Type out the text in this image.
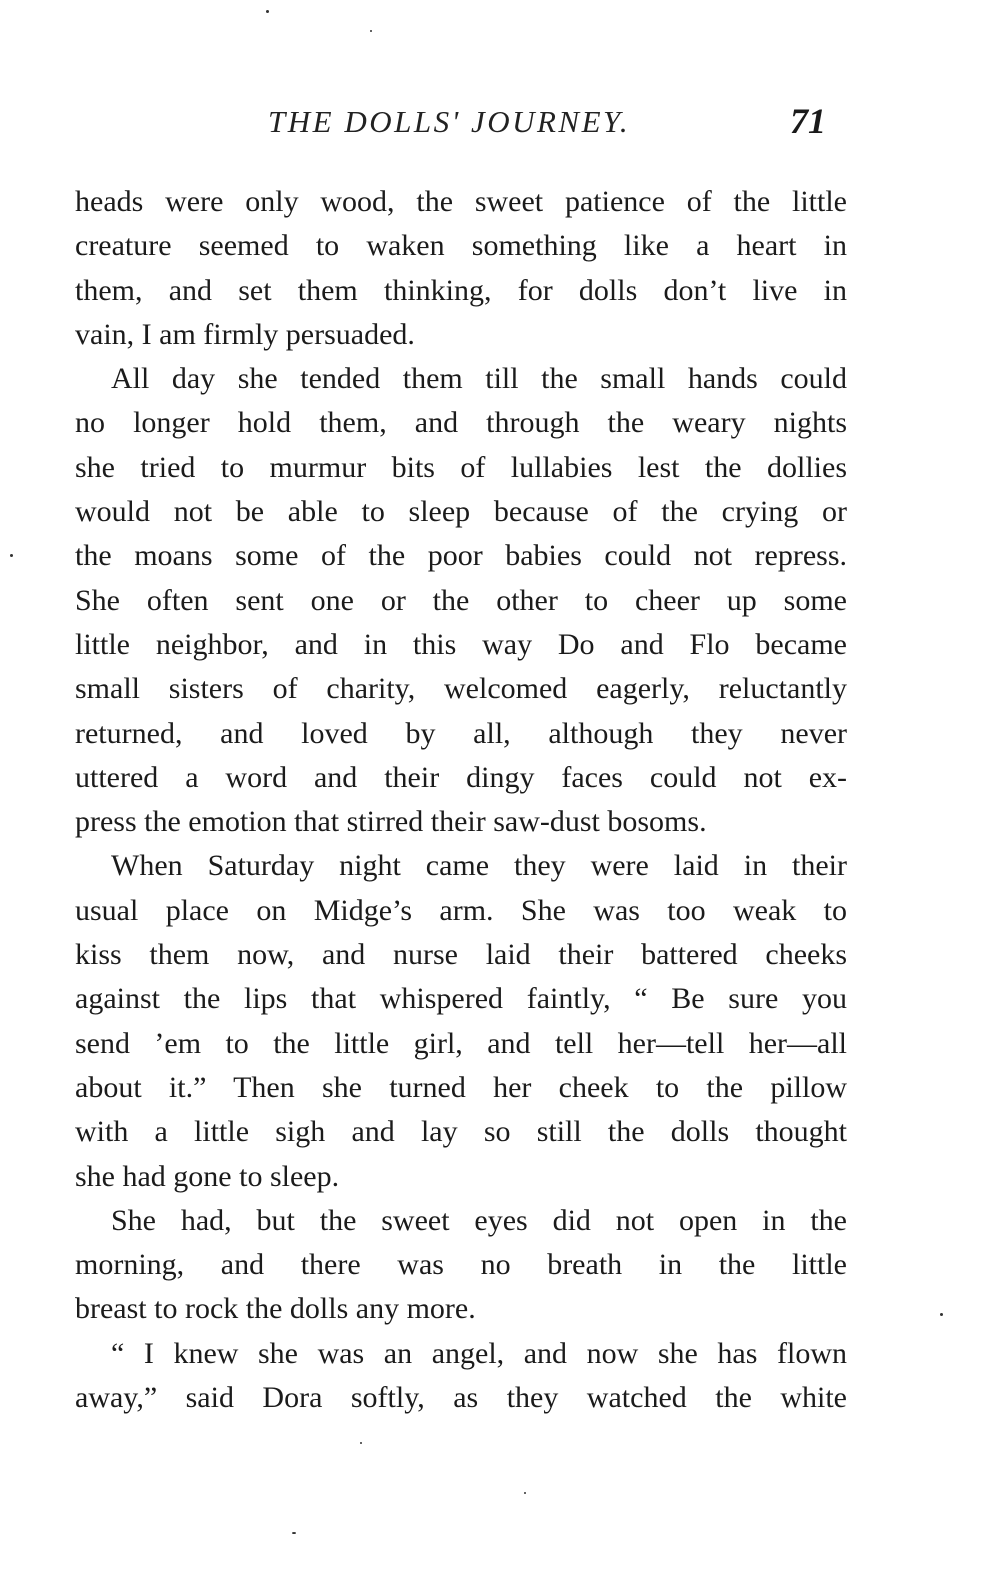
THE DOLLS' JOURNEY.	71
heads were only wood, the sweet patience of the little
creature seemed to waken something like a heart in
them, and set them thinking, for dolls don’t live in
vain, I am firmly persuaded.
All day she tended them till the small hands could
no longer hold them, and through the weary nights
she tried to murmur bits of lullabies lest the dollies
would not be able to sleep because of the crying or
the moans some of the poor babies could not repress.
She often sent one or the other to cheer up some
little neighbor, and in this way Do and Flo became
small sisters of charity, welcomed eagerly, reluctantly
returned, and loved by all, although they never
uttered a word and their dingy faces could not ex-
press the emotion that stirred their saw-dust bosoms.
When Saturday night came they were laid in their
usual place on Midge’s arm. She was too weak to
kiss them now, and nurse laid their battered cheeks
against the lips that whispered faintly, “ Be sure you
send ’em to the little girl, and tell her—tell her—all
about it.” Then she turned her cheek to the pillow
with a little sigh and lay so still the dolls thought
she had gone to sleep.
She had, but the sweet eyes did not open in the
morning, and there was no breath in the little
breast to rock the dolls any more.
“ I knew she was an angel, and now she has flown
away,” said Dora softly, as they watched the white
